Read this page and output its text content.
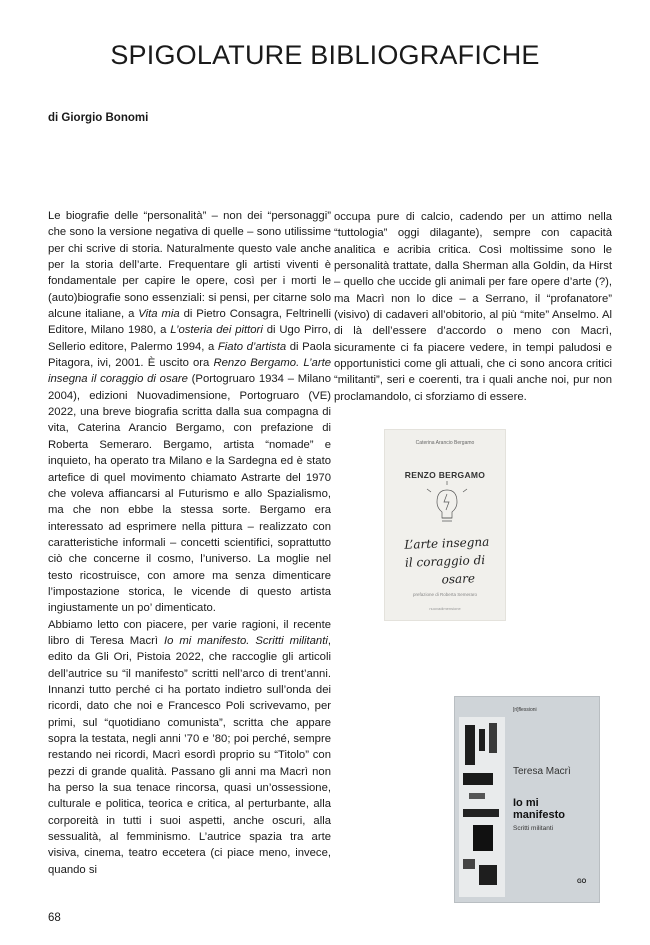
SPIGOLATURE BIBLIOGRAFICHE
di Giorgio Bonomi

Le biografie delle “personalità” – non dei “personaggi” che sono la versione negativa di quelle – sono utilissime per chi scrive di storia. Naturalmente questo vale anche per la storia dell’arte. Frequentare gli artisti viventi è fondamentale per capire le opere, così per i morti le (auto)biografie sono essenziali: si pensi, per citarne solo alcune italiane, a Vita mia di Pietro Consagra, Feltrinelli Editore, Milano 1980, a L’osteria dei pittori di Ugo Pirro, Sellerio editore, Palermo 1994, a Fiato d’artista di Paola Pitagora, ivi, 2001. È uscito ora Renzo Bergamo. L’arte insegna il coraggio di osare (Portogruaro 1934 – Milano 2004), edizioni Nuovadimensione, Portogruaro (VE) 2022, una breve biografia scritta dalla sua compagna di vita, Caterina Arancio Bergamo, con prefazione di Roberta Semeraro. Bergamo, artista “nomade” e inquieto, ha operato tra Milano e la Sardegna ed è stato artefice di quel movimento chiamato Astrarte del 1970 che voleva affiancarsi al Futurismo e allo Spazialismo, ma che non ebbe la stessa sorte. Bergamo era interessato ad esprimere nella pittura – realizzato con caratteristiche informali – concetti scientifici, soprattutto ciò che concerne il cosmo, l’universo. La moglie nel testo ricostruisce, con amore ma senza dimenticare l’impostazione storica, le vicende di questo artista ingiustamente un po’ dimenticato.

Abbiamo letto con piacere, per varie ragioni, il recente libro di Teresa Macrì Io mi manifesto. Scritti militanti, edito da Gli Ori, Pistoia 2022, che raccoglie gli articoli dell’autrice su “il manifesto” scritti nell’arco di trent’anni. Innanzi tutto perché ci ha portato indietro sull’onda dei ricordi, dato che noi e Francesco Poli scrivevamo, per primi, sul “quotidiano comunista”, scritta che appare sopra la testata, negli anni ’70 e ’80; poi perché, sempre restando nei ricordi, Macrì esordì proprio su “Titolo” con pezzi di grande qualità. Passano gli anni ma Macrì non ha perso la sua tenace rincorsa, quasi un’ossessione, culturale e politica, teorica e critica, al perturbante, alla corporeità in tutti i suoi aspetti, anche oscuri, alla sessualità, al femminismo. L’autrice spazia tra arte visiva, cinema, teatro eccetera (ci piace meno, invece, quando si

occupa pure di calcio, cadendo per un attimo nella “tuttologia” oggi dilagante), sempre con capacità analitica e acribia critica. Così moltissime sono le personalità trattate, dalla Sherman alla Goldin, da Hirst – quello che uccide gli animali per fare opere d’arte (?), ma Macrì non lo dice – a Serrano, il “profanatore” (visivo) di cadaveri all’obitorio, al più “mite” Anselmo. Al di là dell’essere d’accordo o meno con Macrì, sicuramente ci fa piacere vedere, in tempi paludosi e opportunistici come gli attuali, che ci sono ancora critici “militanti”, seri e coerenti, tra i quali anche noi, pur non proclamandolo, ci sforziamo di essere.

Caterina Arancio Bergamo
RENZO BERGAMO
L’arte insegna
il coraggio di
osare
prefazione di Roberta Semeraro
nuovadimensione
[ri]flessioni
Teresa Macrì
Io mi manifesto
Scritti militanti
GO
68
